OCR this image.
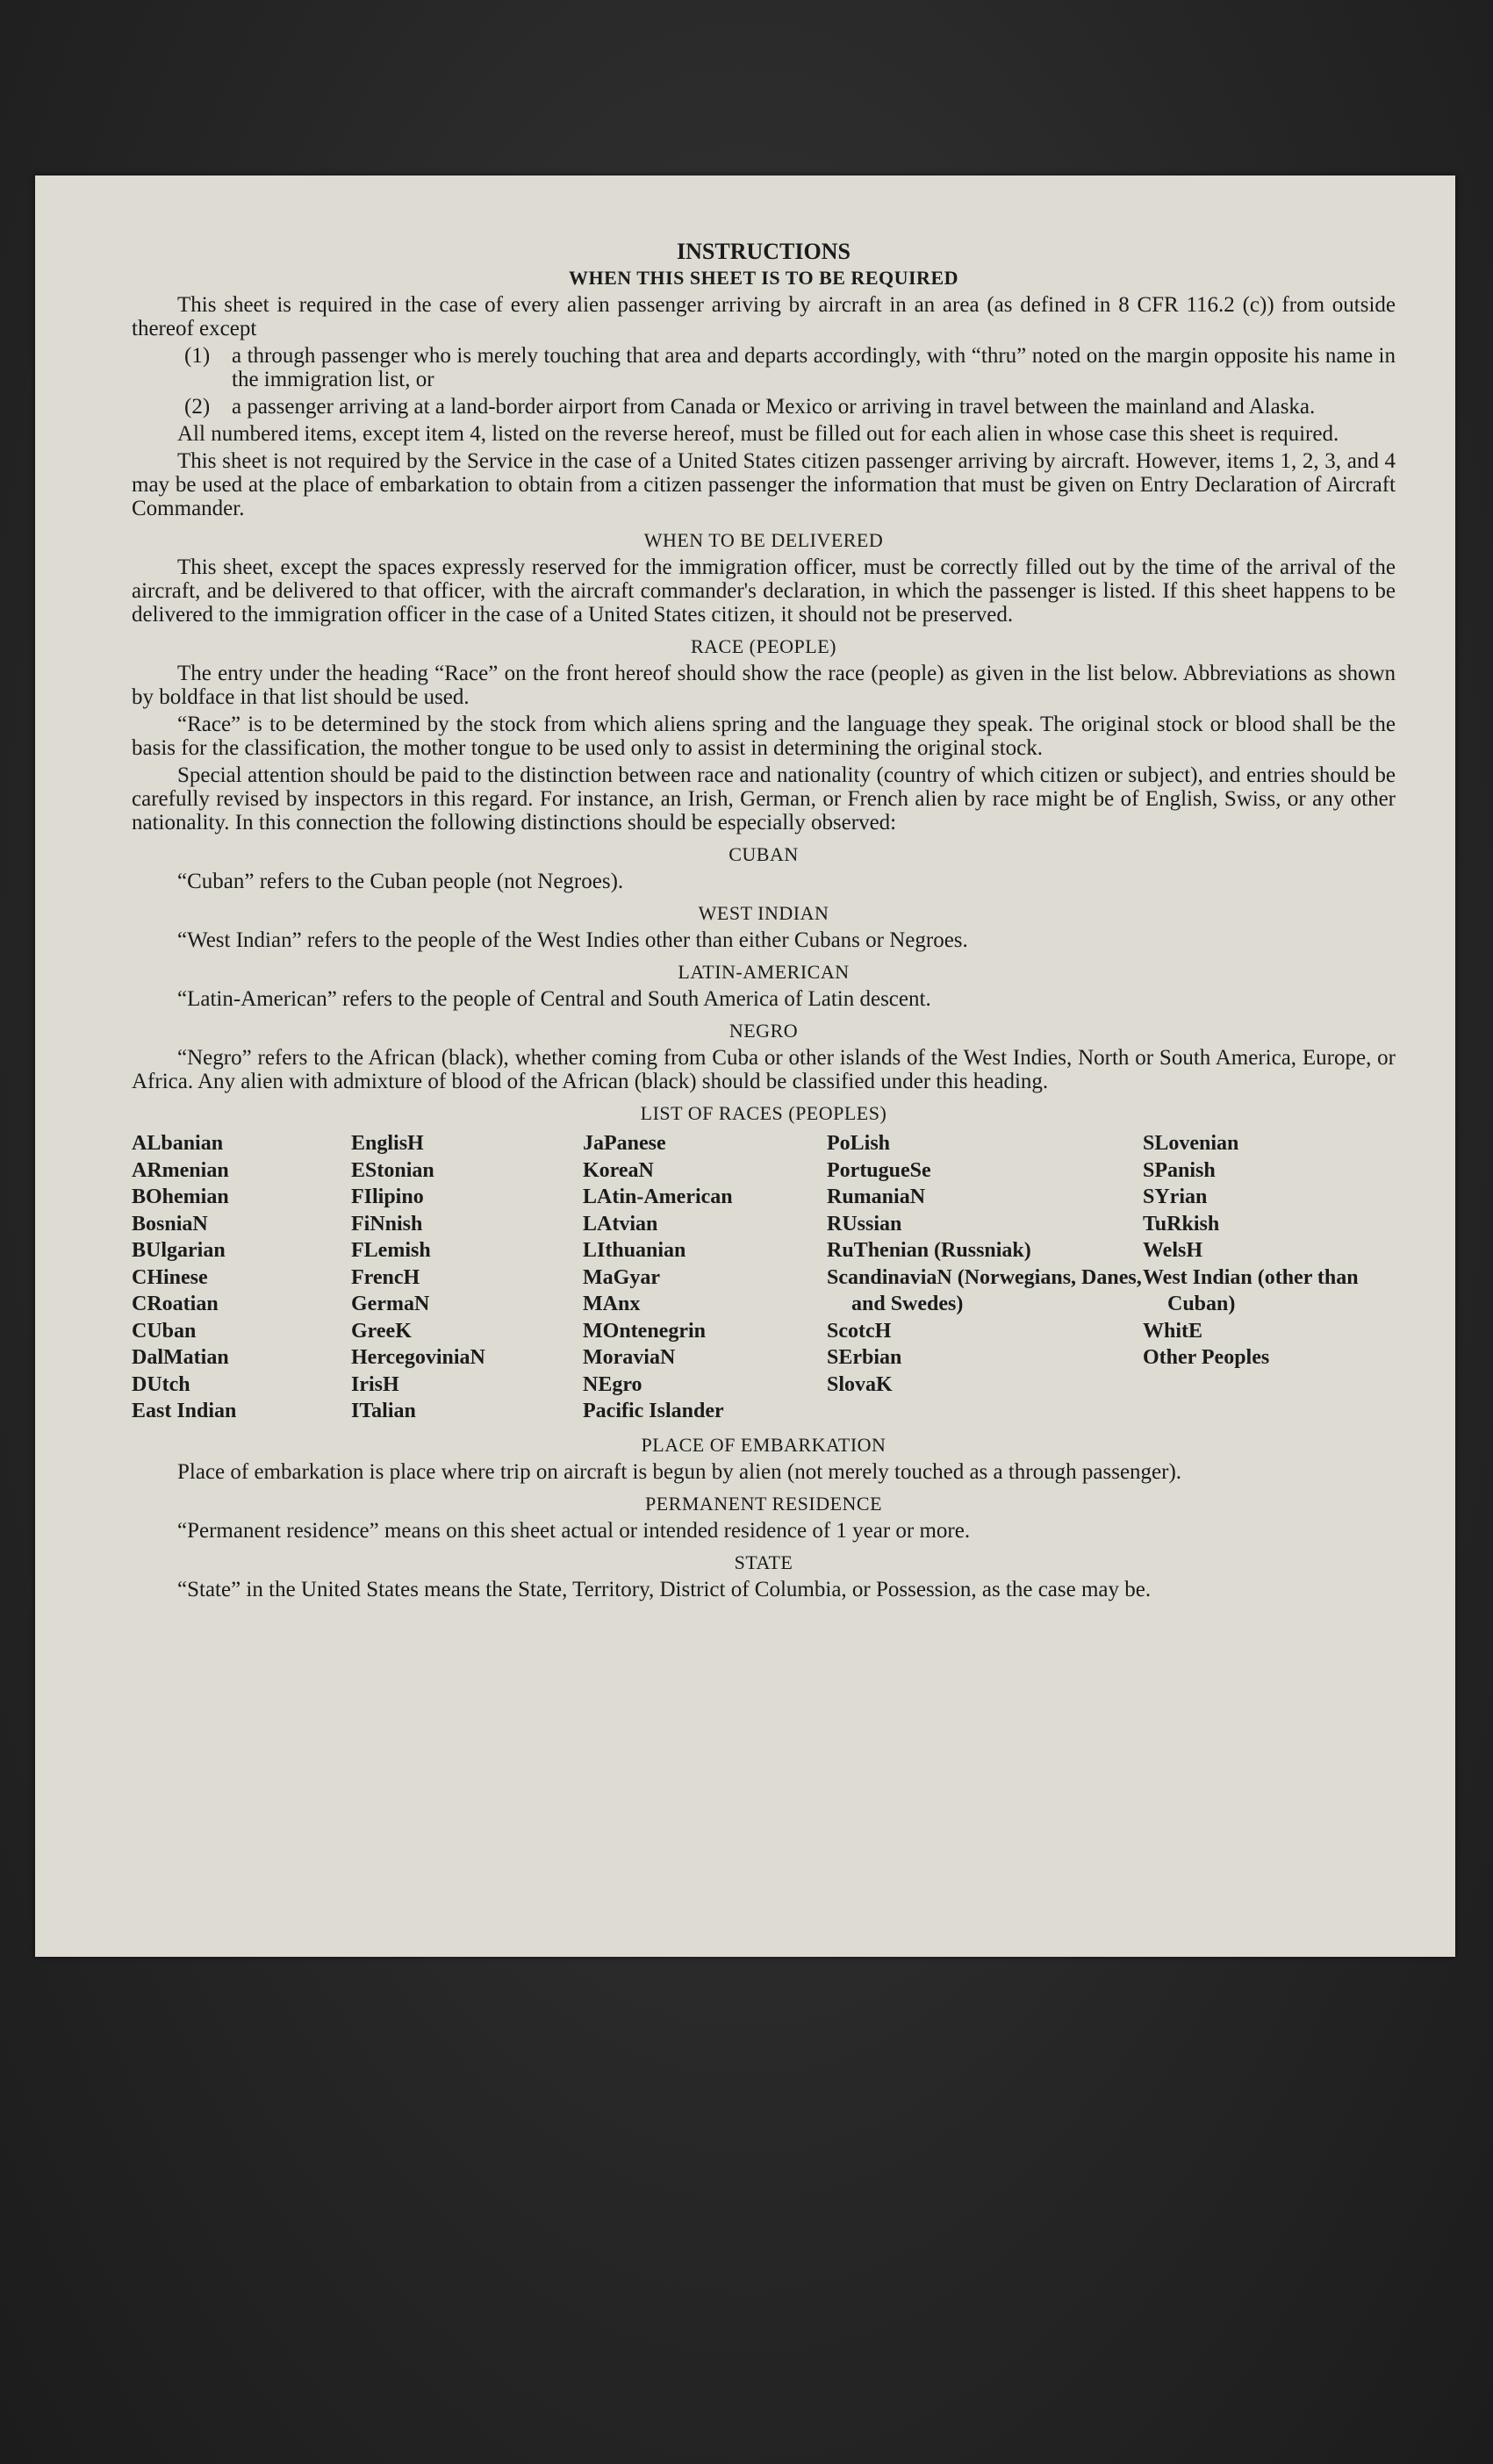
INSTRUCTIONS
WHEN THIS SHEET IS TO BE REQUIRED

This sheet is required in the case of every alien passenger arriving by aircraft in an area (as defined in 8 CFR 116.2 (c)) from outside thereof except

(1) a through passenger who is merely touching that area and departs accordingly, with “thru” noted on the margin opposite his name in the immigration list, or
(2) a passenger arriving at a land-border airport from Canada or Mexico or arriving in travel between the mainland and Alaska.

All numbered items, except item 4, listed on the reverse hereof, must be filled out for each alien in whose case this sheet is required.

This sheet is not required by the Service in the case of a United States citizen passenger arriving by aircraft. However, items 1, 2, 3, and 4 may be used at the place of embarkation to obtain from a citizen passenger the information that must be given on Entry Declaration of Aircraft Commander.

WHEN TO BE DELIVERED

This sheet, except the spaces expressly reserved for the immigration officer, must be correctly filled out by the time of the arrival of the aircraft, and be delivered to that officer, with the aircraft commander's declaration, in which the passenger is listed. If this sheet happens to be delivered to the immigration officer in the case of a United States citizen, it should not be preserved.

RACE (PEOPLE)

The entry under the heading “Race” on the front hereof should show the race (people) as given in the list below. Abbreviations as shown by boldface in that list should be used.

“Race” is to be determined by the stock from which aliens spring and the language they speak. The original stock or blood shall be the basis for the classification, the mother tongue to be used only to assist in determining the original stock.

Special attention should be paid to the distinction between race and nationality (country of which citizen or subject), and entries should be carefully revised by inspectors in this regard. For instance, an Irish, German, or French alien by race might be of English, Swiss, or any other nationality. In this connection the following distinctions should be especially observed:

CUBAN

“Cuban” refers to the Cuban people (not Negroes).

WEST INDIAN

“West Indian” refers to the people of the West Indies other than either Cubans or Negroes.

LATIN-AMERICAN

“Latin-American” refers to the people of Central and South America of Latin descent.

NEGRO

“Negro” refers to the African (black), whether coming from Cuba or other islands of the West Indies, North or South America, Europe, or Africa. Any alien with admixture of blood of the African (black) should be classified under this heading.

LIST OF RACES (PEOPLES)
ALbanian
ARmenian
BOhemian
BosniaN
BUlgarian
CHinese
CRoatian
CUban
DalMatian
DUtch
East Indian
EnglisH
EStonian
FIlipino
FiNnish
FLemish
FrencH
GermaN
GreeK
HercegoviniaN
IrisH
ITalian
JaPanese
KoreaN
LAtin-American
LAtvian
LIthuanian
MaGyar
MAnx
MOntenegrin
MoraviaN
NEgro
Pacific Islander
PoLish
PortugueSe
RumaniaN
RUssian
RuThenian (Russniak)
ScandinaviaN (Norwegians, Danes, and Swedes)
ScotcH
SErbian
SlovaK
SLovenian
SPanish
SYrian
TuRkish
WelsH
West Indian (other than Cuban)
WhitE
Other Peoples
PLACE OF EMBARKATION

Place of embarkation is place where trip on aircraft is begun by alien (not merely touched as a through passenger).

PERMANENT RESIDENCE

“Permanent residence” means on this sheet actual or intended residence of 1 year or more.

STATE

“State” in the United States means the State, Territory, District of Columbia, or Possession, as the case may be.
